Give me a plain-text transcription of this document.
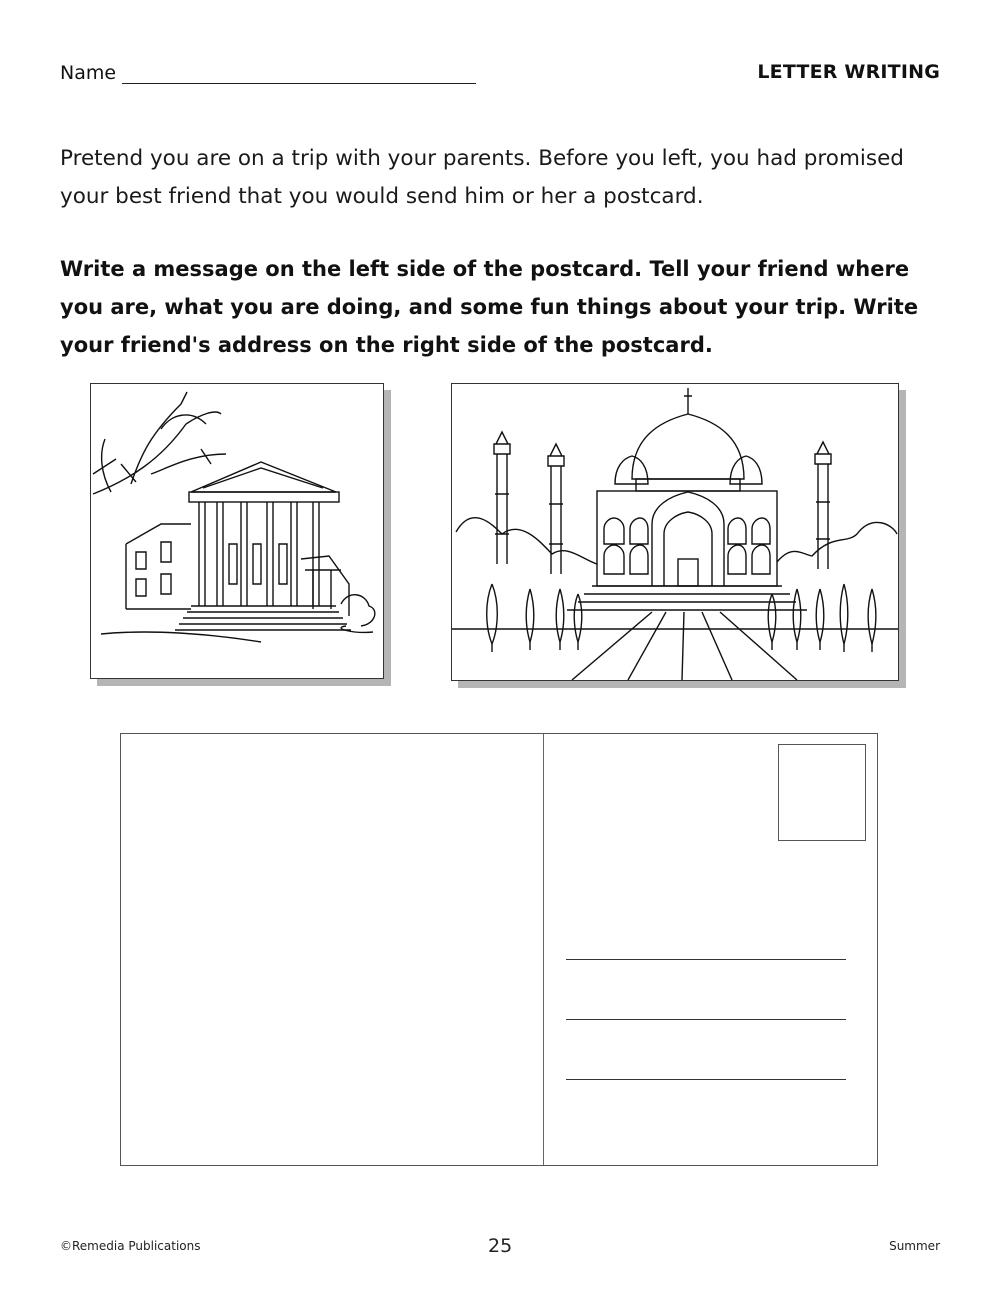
Name	LETTER WRITING
Pretend you are on a trip with your parents. Before you left, you had promised your best friend that you would send him or her a postcard.
Write a message on the left side of the postcard. Tell your friend where you are, what you are doing, and some fun things about your trip. Write your friend's address on the right side of the postcard.
©Remedia Publications	25	Summer
